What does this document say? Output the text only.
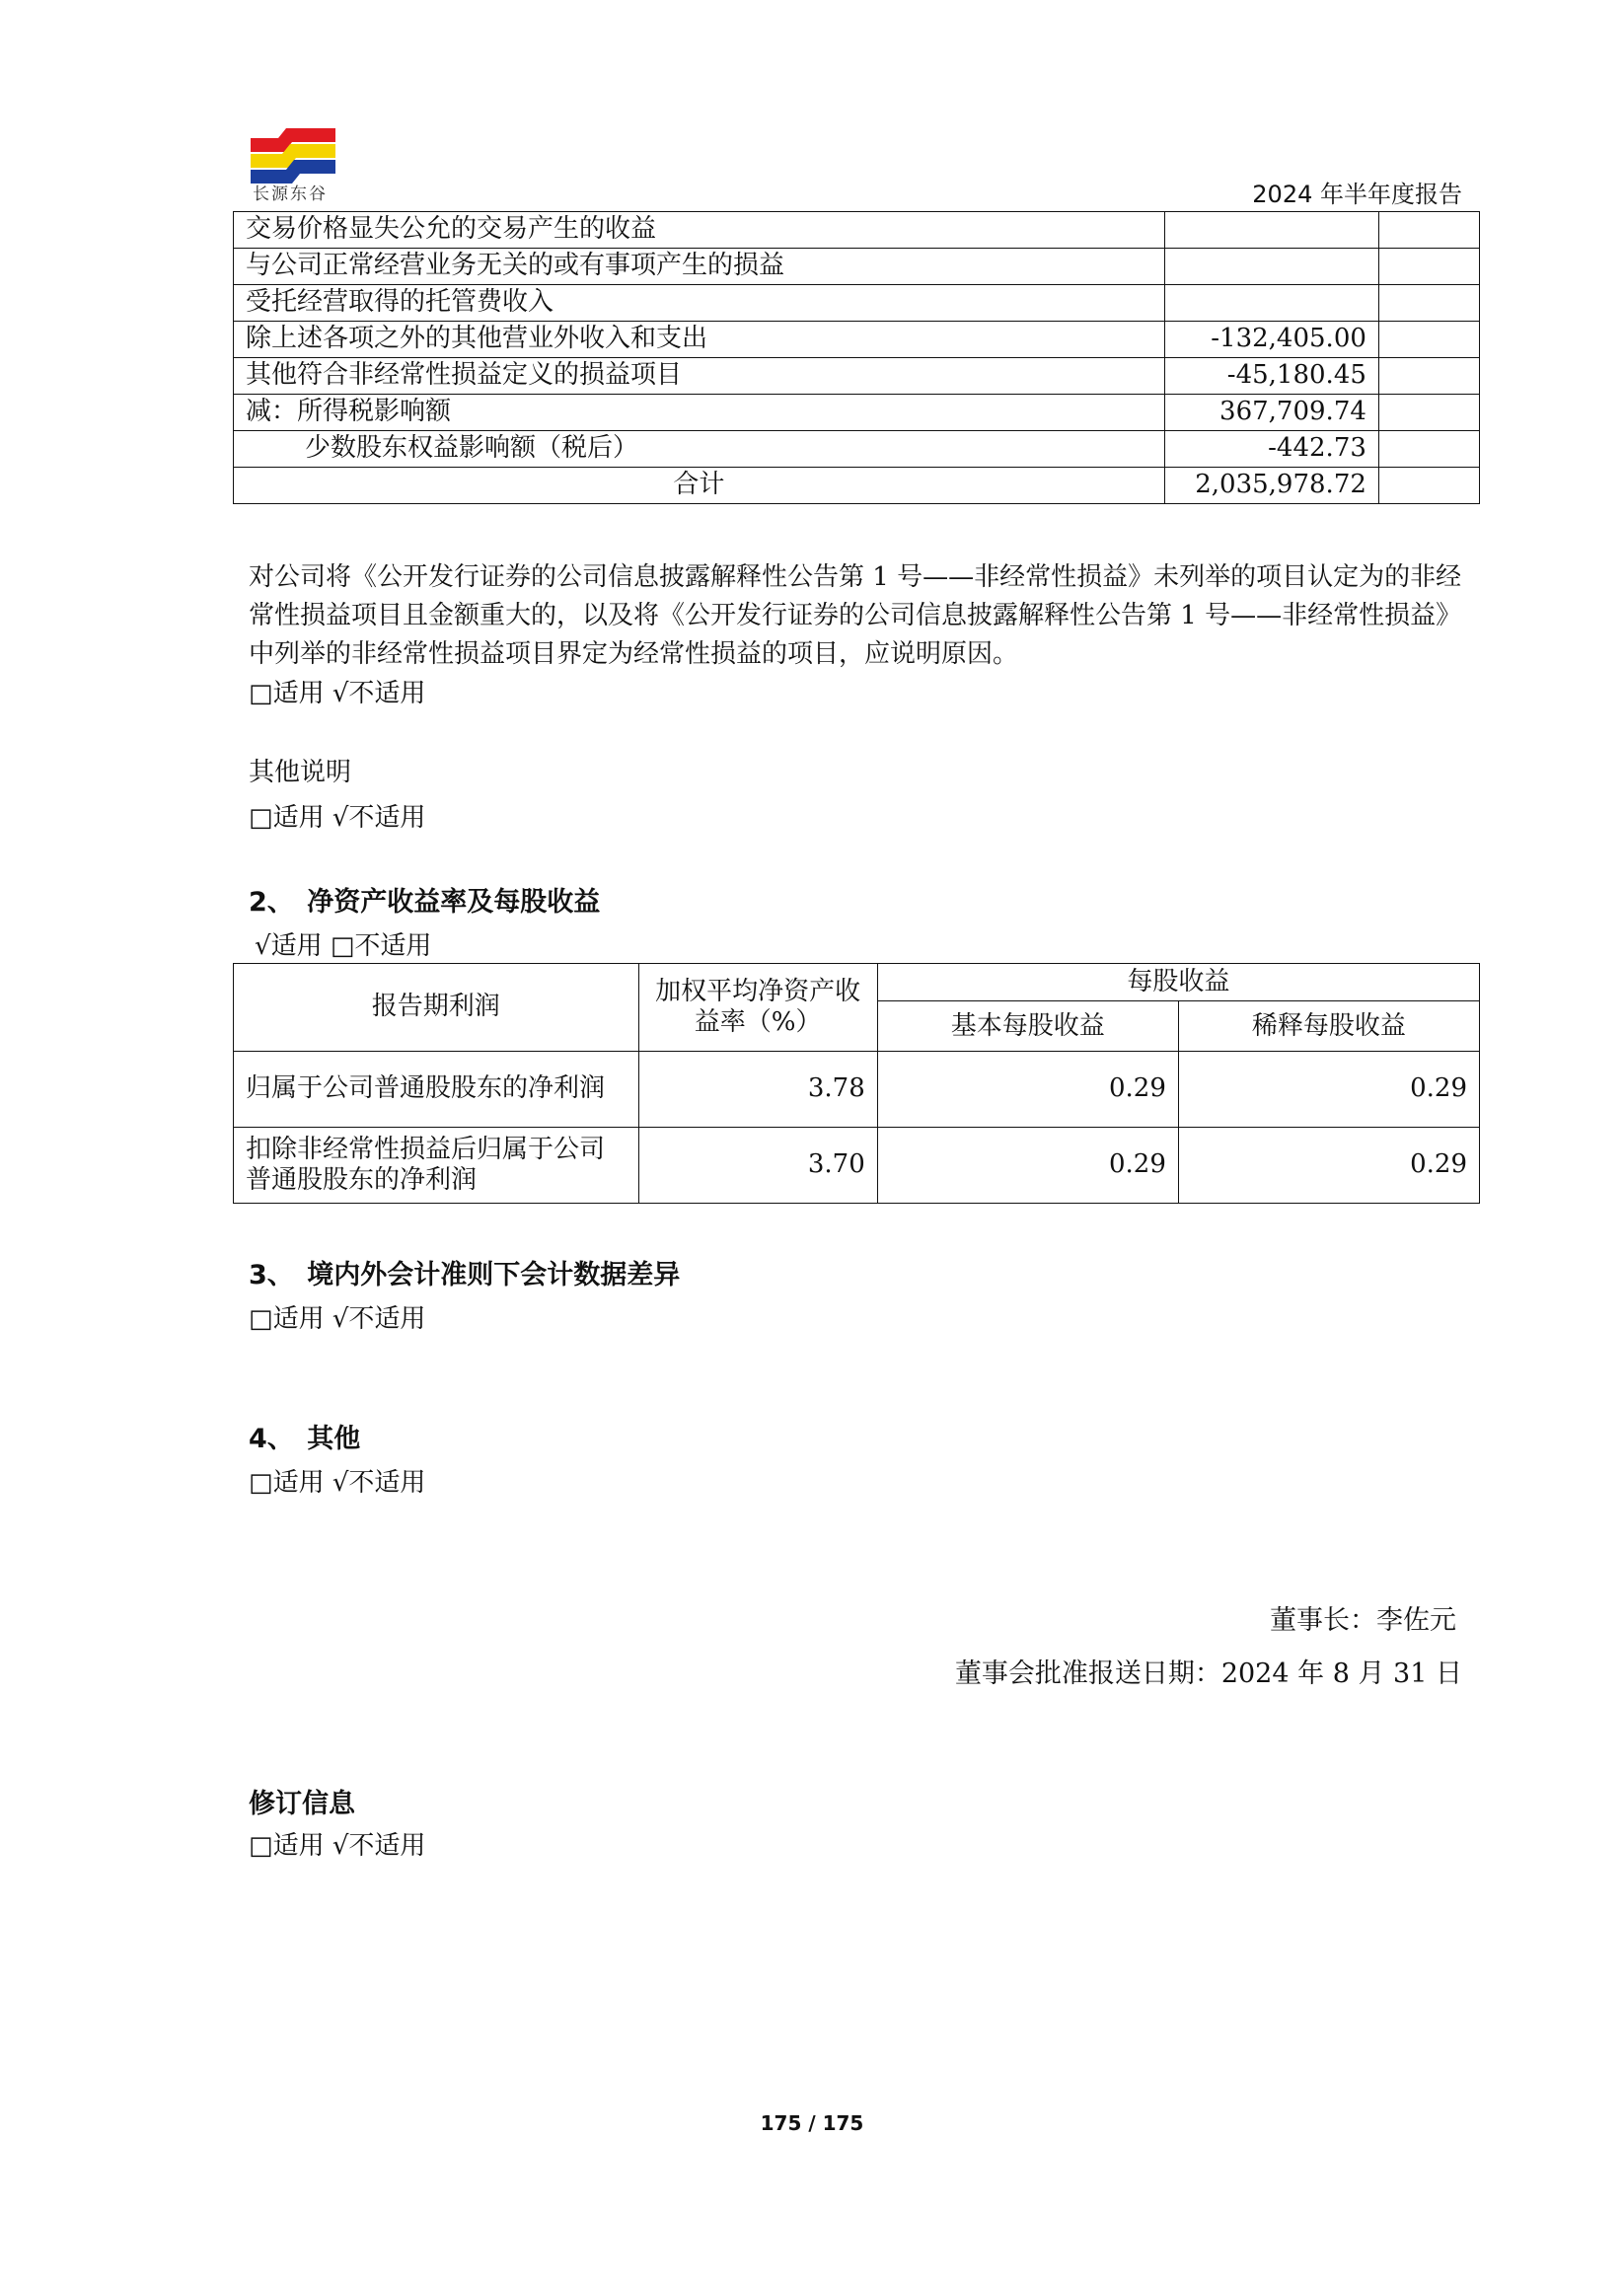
长源东谷	2024 年半年度报告
交易价格显失公允的交易产生的收益		
与公司正常经营业务无关的或有事项产生的损益		
受托经营取得的托管费收入		
除上述各项之外的其他营业外收入和支出	-132,405.00	
其他符合非经常性损益定义的损益项目	-45,180.45	
减：所得税影响额	367,709.74	
少数股东权益影响额（税后）	-442.73	
合计	2,035,978.72	
对公司将《公开发行证券的公司信息披露解释性公告第 1 号——非经常性损益》未列举的项目认定为的非经常性损益项目且金额重大的，以及将《公开发行证券的公司信息披露解释性公告第 1 号——非经常性损益》中列举的非经常性损益项目界定为经常性损益的项目，应说明原因。
□适用 √不适用
其他说明
□适用 √不适用
2、　净资产收益率及每股收益
√适用 □不适用
报告期利润	加权平均净资产收益率（%）	每股收益	
		基本每股收益	稀释每股收益
归属于公司普通股股东的净利润	3.78	0.29	0.29
扣除非经常性损益后归属于公司普通股股东的净利润	3.70	0.29	0.29
3、　境内外会计准则下会计数据差异
□适用 √不适用
4、　其他
□适用 √不适用
董事长：李佐元
董事会批准报送日期：2024 年 8 月 31 日
修订信息
□适用 √不适用
175 / 175
